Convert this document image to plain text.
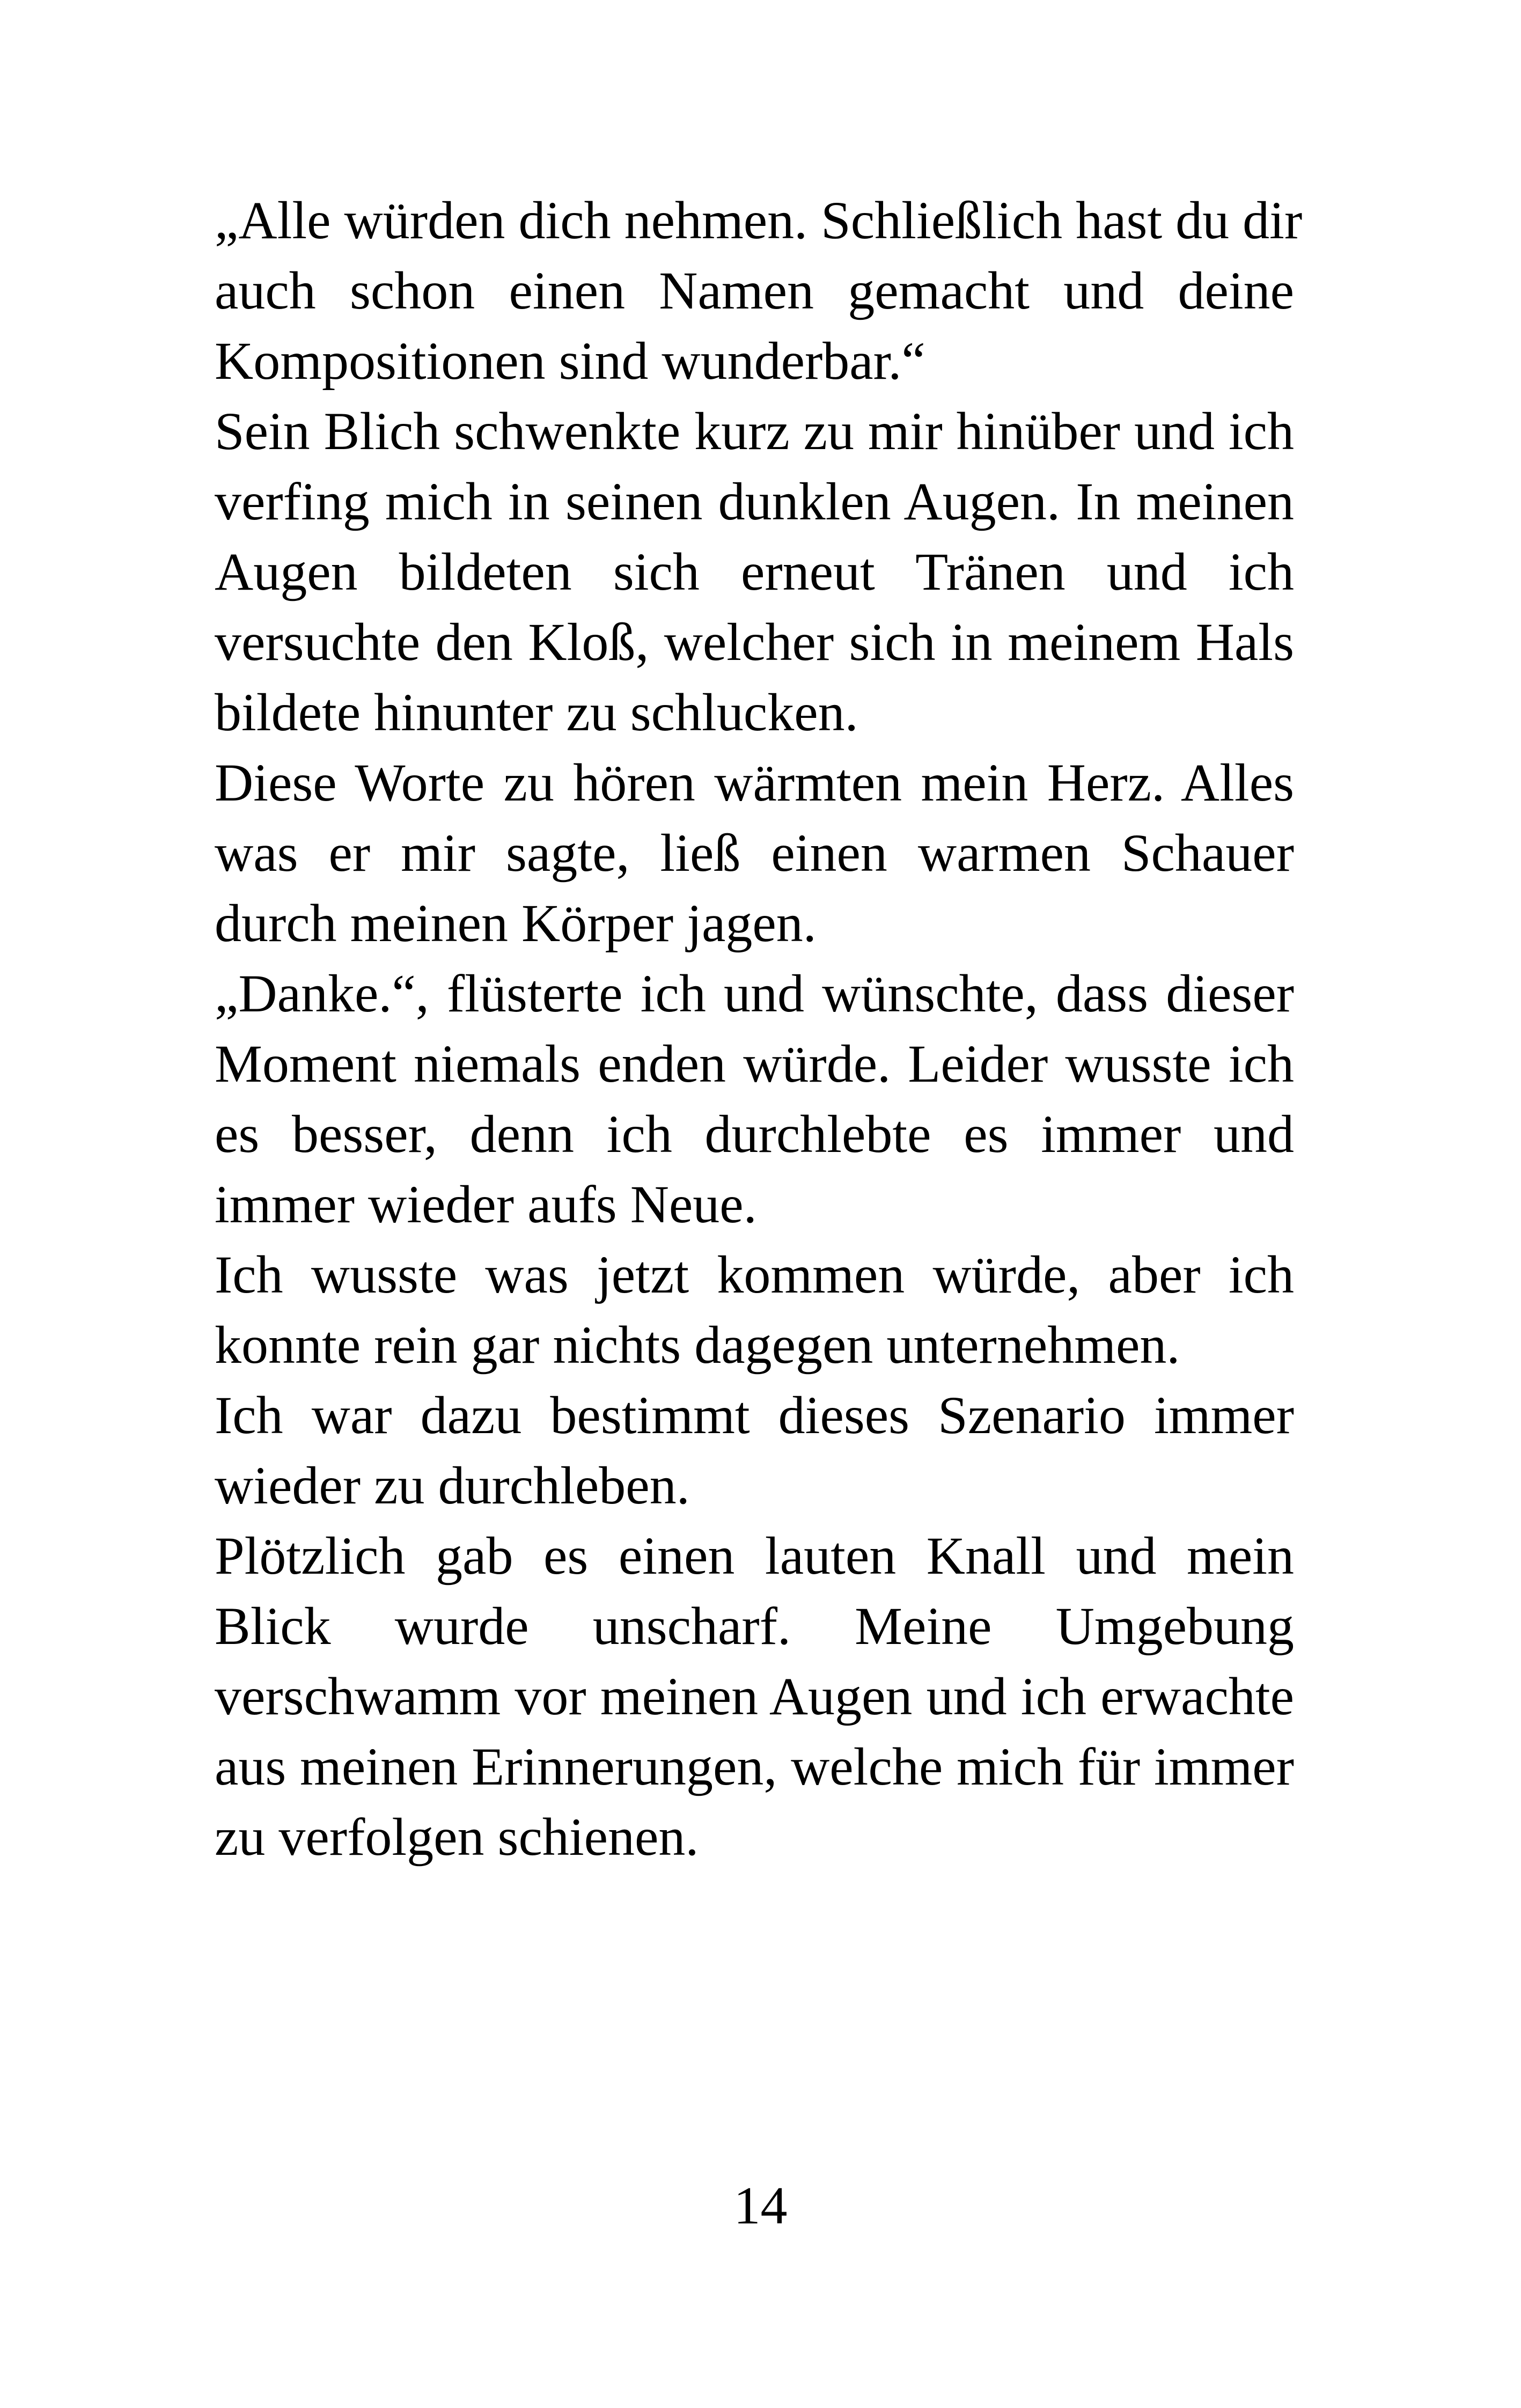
„Alle würden dich nehmen. Schließlich hast du dir
auch schon einen Namen gemacht und deine
Kompositionen sind wunderbar.“
Sein Blich schwenkte kurz zu mir hinüber und ich
verfing mich in seinen dunklen Augen. In meinen
Augen bildeten sich erneut Tränen und ich
versuchte den Kloß, welcher sich in meinem Hals
bildete hinunter zu schlucken.
Diese Worte zu hören wärmten mein Herz. Alles
was er mir sagte, ließ einen warmen Schauer
durch meinen Körper jagen.
„Danke.“, flüsterte ich und wünschte, dass dieser
Moment niemals enden würde. Leider wusste ich
es besser, denn ich durchlebte es immer und
immer wieder aufs Neue.
Ich wusste was jetzt kommen würde, aber ich
konnte rein gar nichts dagegen unternehmen.
Ich war dazu bestimmt dieses Szenario immer
wieder zu durchleben.
Plötzlich gab es einen lauten Knall und mein
Blick wurde unscharf. Meine Umgebung
verschwamm vor meinen Augen und ich erwachte
aus meinen Erinnerungen, welche mich für immer
zu verfolgen schienen.
14
